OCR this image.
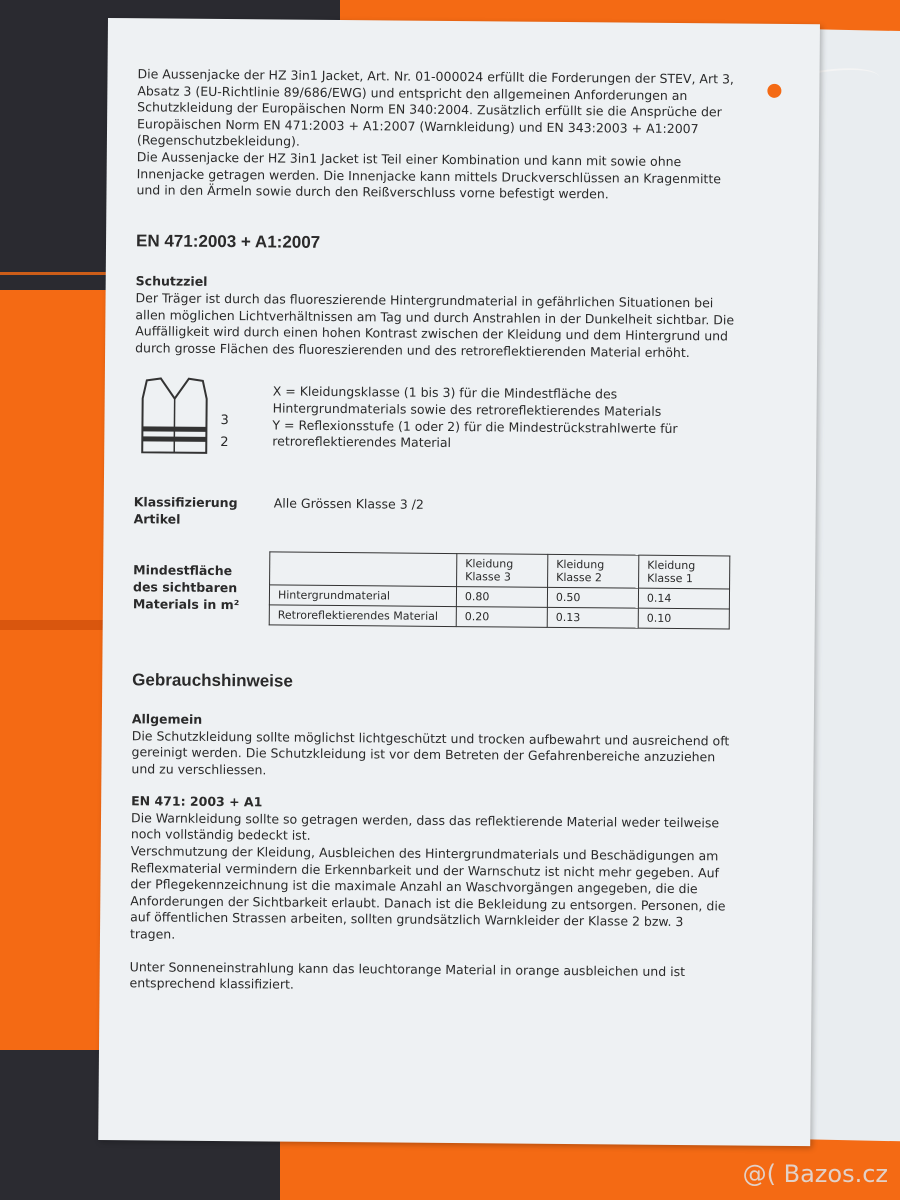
Die Aussenjacke der HZ 3in1 Jacket, Art. Nr. 01-000024 erfüllt die Forderungen der STEV, Art 3, Absatz 3 (EU-Richtlinie 89/686/EWG) und entspricht den allgemeinen Anforderungen an Schutzkleidung der Europäischen Norm EN 340:2004. Zusätzlich erfüllt sie die Ansprüche der Europäischen Norm EN 471:2003 + A1:2007 (Warnkleidung) und EN 343:2003 + A1:2007 (Regenschutzbekleidung).

Die Aussenjacke der HZ 3in1 Jacket ist Teil einer Kombination und kann mit sowie ohne Innenjacke getragen werden. Die Innenjacke kann mittels Druckverschlüssen an Kragenmitte und in den Ärmeln sowie durch den Reißverschluss vorne befestigt werden.

EN 471:2003 + A1:2007
Schutzziel

Der Träger ist durch das fluoreszierende Hintergrundmaterial in gefährlichen Situationen bei allen möglichen Lichtverhältnissen am Tag und durch Anstrahlen in der Dunkelheit sichtbar. Die Auffälligkeit wird durch einen hohen Kontrast zwischen der Kleidung und dem Hintergrund und durch grosse Flächen des fluoreszierenden und des retroreflektierenden Material erhöht.

3
2

X = Kleidungsklasse (1 bis 3) für die Mindestfläche des Hintergrundmaterials sowie des retroreflektierendes Materials

Y = Reflexionsstufe (1 oder 2) für die Mindestrückstrahlwerte für retroreflektierendes Material

Klassifizierung Artikel
Alle Grössen Klasse 3 /2
Mindestfläche des sichtbaren Materials in m²
	Kleidung Klasse 3	Kleidung Klasse 2	Kleidung Klasse 1
Hintergrundmaterial	0.80	0.50	0.14
Retroreflektierendes Material	0.20	0.13	0.10
Gebrauchshinweise
Allgemein

Die Schutzkleidung sollte möglichst lichtgeschützt und trocken aufbewahrt und ausreichend oft gereinigt werden. Die Schutzkleidung ist vor dem Betreten der Gefahrenbereiche anzuziehen und zu verschliessen.

EN 471: 2003 + A1

Die Warnkleidung sollte so getragen werden, dass das reflektierende Material weder teilweise noch vollständig bedeckt ist.

Verschmutzung der Kleidung, Ausbleichen des Hintergrundmaterials und Beschädigungen am Reflexmaterial vermindern die Erkennbarkeit und der Warnschutz ist nicht mehr gegeben. Auf der Pflegekennzeichnung ist die maximale Anzahl an Waschvorgängen angegeben, die die Anforderungen der Sichtbarkeit erlaubt. Danach ist die Bekleidung zu entsorgen. Personen, die auf öffentlichen Strassen arbeiten, sollten grundsätzlich Warnkleider der Klasse 2 bzw. 3 tragen.

Unter Sonneneinstrahlung kann das leuchtorange Material in orange ausbleichen und ist entsprechend klassifiziert.

@( Bazos.cz
